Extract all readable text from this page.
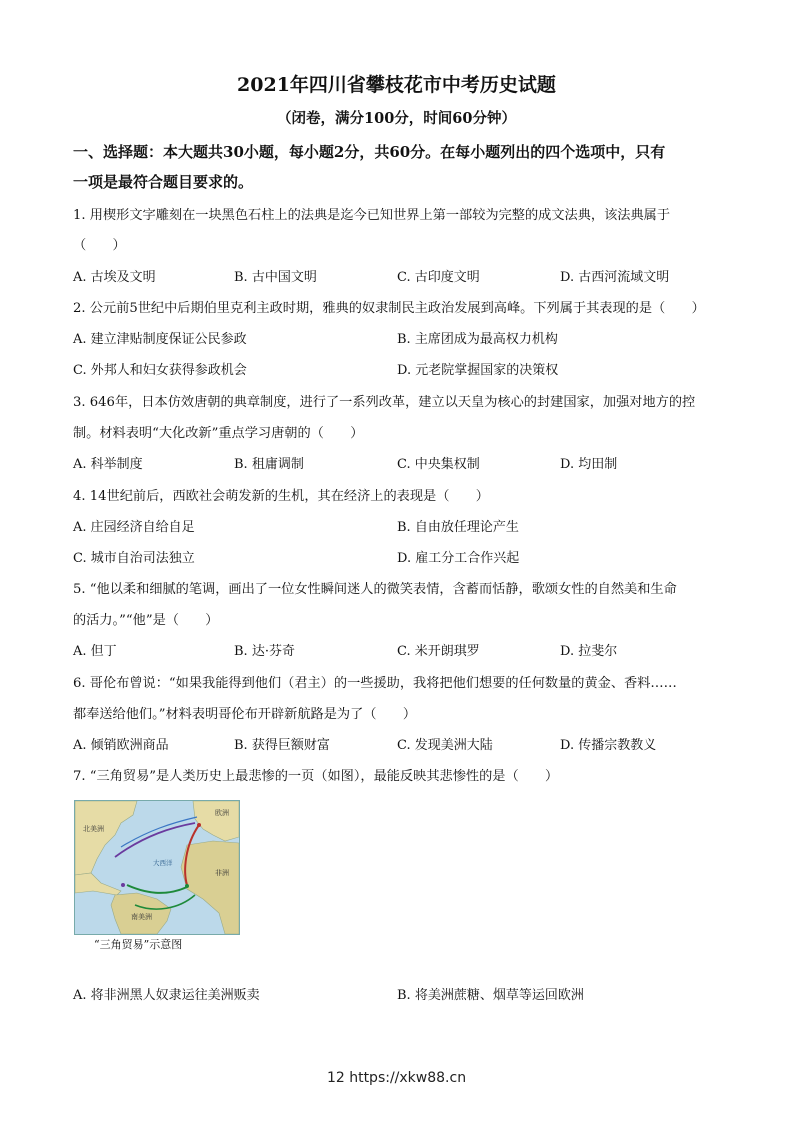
2021年四川省攀枝花市中考历史试题
（闭卷，满分100分，时间60分钟）
一、选择题：本大题共30小题，每小题2分，共60分。在每小题列出的四个选项中，只有
一项是最符合题目要求的。
1. 用楔形文字雕刻在一块黑色石柱上的法典是迄今已知世界上第一部较为完整的成文法典，该法典属于
（　　）
A. 古埃及文明	B. 古中国文明	C. 古印度文明	D. 古西河流域文明
2. 公元前5世纪中后期伯里克利主政时期，雅典的奴隶制民主政治发展到高峰。下列属于其表现的是（　　）
A. 建立津贴制度保证公民参政	B. 主席团成为最高权力机构
C. 外邦人和妇女获得参政机会	D. 元老院掌握国家的决策权
3. 646年，日本仿效唐朝的典章制度，进行了一系列改革，建立以天皇为核心的封建国家，加强对地方的控
制。材料表明“大化改新”重点学习唐朝的（　　）
A. 科举制度	B. 租庸调制	C. 中央集权制	D. 均田制
4. 14世纪前后，西欧社会萌发新的生机，其在经济上的表现是（　　）
A. 庄园经济自给自足	B. 自由放任理论产生
C. 城市自治司法独立	D. 雇工分工合作兴起
5. “他以柔和细腻的笔调，画出了一位女性瞬间迷人的微笑表情，含蓄而恬静，歌颂女性的自然美和生命
的活力。”“他”是（　　）
A. 但丁	B. 达·芬奇	C. 米开朗琪罗	D. 拉斐尔
6. 哥伦布曾说：“如果我能得到他们（君主）的一些援助，我将把他们想要的任何数量的黄金、香料……
都奉送给他们。”材料表明哥伦布开辟新航路是为了（　　）
A. 倾销欧洲商品	B. 获得巨额财富	C. 发现美洲大陆	D. 传播宗教教义
7. “三角贸易”是人类历史上最悲惨的一页（如图），最能反映其悲惨性的是（　　）
欧洲
非洲
南美洲
北美洲
大西洋
“三角贸易”示意图
A. 将非洲黑人奴隶运往美洲贩卖	B. 将美洲蔗糖、烟草等运回欧洲
12 https://xkw88.cn
